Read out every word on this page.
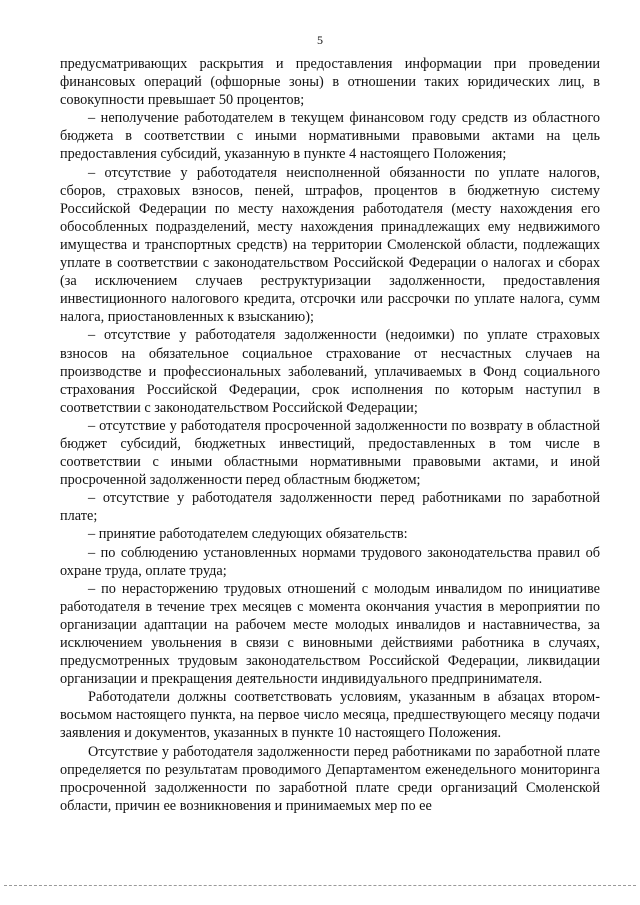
5

предусматривающих раскрытия и предоставления информации при проведении финансовых операций (офшорные зоны) в отношении таких юридических лиц, в совокупности превышает 50 процентов;

– неполучение работодателем в текущем финансовом году средств из областного бюджета в соответствии с иными нормативными правовыми актами на цель предоставления субсидий, указанную в пункте 4 настоящего Положения;

– отсутствие у работодателя неисполненной обязанности по уплате налогов, сборов, страховых взносов, пеней, штрафов, процентов в бюджетную систему Российской Федерации по месту нахождения работодателя (месту нахождения его обособленных подразделений, месту нахождения принадлежащих ему недвижимого имущества и транспортных средств) на территории Смоленской области, подлежащих уплате в соответствии с законодательством Российской Федерации о налогах и сборах (за исключением случаев реструктуризации задолженности, предоставления инвестиционного налогового кредита, отсрочки или рассрочки по уплате налога, сумм налога, приостановленных к взысканию);

– отсутствие у работодателя задолженности (недоимки) по уплате страховых взносов на обязательное социальное страхование от несчастных случаев на производстве и профессиональных заболеваний, уплачиваемых в Фонд социального страхования Российской Федерации, срок исполнения по которым наступил в соответствии с законодательством Российской Федерации;

– отсутствие у работодателя просроченной задолженности по возврату в областной бюджет субсидий, бюджетных инвестиций, предоставленных в том числе в соответствии с иными областными нормативными правовыми актами, и иной просроченной задолженности перед областным бюджетом;

– отсутствие у работодателя задолженности перед работниками по заработной плате;

– принятие работодателем следующих обязательств:

– по соблюдению установленных нормами трудового законодательства правил об охране труда, оплате труда;

– по нерасторжению трудовых отношений с молодым инвалидом по инициативе работодателя в течение трех месяцев с момента окончания участия в мероприятии по организации адаптации на рабочем месте молодых инвалидов и наставничества, за исключением увольнения в связи с виновными действиями работника в случаях, предусмотренных трудовым законодательством Российской Федерации, ликвидации организации и прекращения деятельности индивидуального предпринимателя.

Работодатели должны соответствовать условиям, указанным в абзацах втором-восьмом настоящего пункта, на первое число месяца, предшествующего месяцу подачи заявления и документов, указанных в пункте 10 настоящего Положения.

Отсутствие у работодателя задолженности перед работниками по заработной плате определяется по результатам проводимого Департаментом еженедельного мониторинга просроченной задолженности по заработной плате среди организаций Смоленской области, причин ее возникновения и принимаемых мер по ее
